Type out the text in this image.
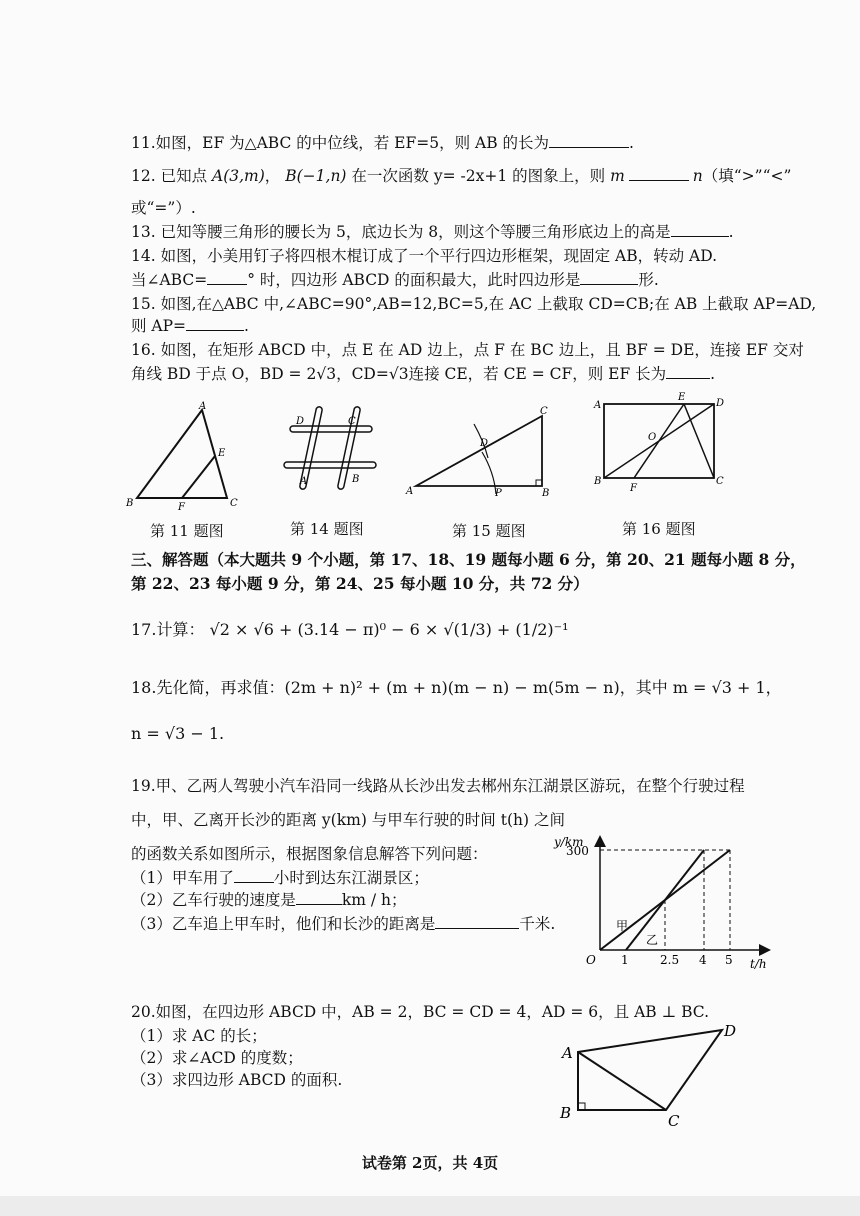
11.如图，EF 为△ABC 的中位线，若 EF=5，则 AB 的长为	.
12. 已知点 A(3,m)， B(−1,n) 在一次函数 y= -2x+1 的图象上，则 m	n（填“>”“<”
或“=”）.
13. 已知等腰三角形的腰长为 5，底边长为 8，则这个等腰三角形底边上的高是	.
14. 如图，小美用钉子将四根木棍订成了一个平行四边形框架，现固定 AB，转动 AD.
当∠ABC=	° 时，四边形 ABCD 的面积最大，此时四边形是	形.
15. 如图,在△ABC 中,∠ABC=90°,AB=12,BC=5,在 AC 上截取 CD=CB;在 AB 上截取 AP=AD,
则 AP=	.
16. 如图，在矩形 ABCD 中，点 E 在 AD 边上，点 F 在 BC 边上，且 BF = DE，连接 EF 交对
角线 BD 于点 O，BD = 2√3，CD=√3连接 CE，若 CE = CF，则 EF 长为	.
A
B	C
E
F
第 11 题图
D	C
A	B
第 14 题图
A	B
C
D
P
第 15 题图
A	D
B	C
E
F
O
第 16 题图
三、解答题（本大题共 9 个小题，第 17、18、19 题每小题 6 分，第 20、21 题每小题 8 分，
第 22、23 每小题 9 分，第 24、25 每小题 10 分，共 72 分）
17.计算： √2 × √6 + (3.14 − π)⁰ − 6 × √(1/3) + (1/2)⁻¹
18.先化简，再求值：(2m + n)² + (m + n)(m − n) − m(5m − n)，其中 m = √3 + 1，
n = √3 − 1.
19.甲、乙两人驾驶小汽车沿同一线路从长沙出发去郴州东江湖景区游玩，在整个行驶过程
中，甲、乙离开长沙的距离 y(km) 与甲车行驶的时间 t(h) 之间
的函数关系如图所示，根据图象信息解答下列问题：
（1）甲车用了	小时到达东江湖景区；
（2）乙车行驶的速度是	km / h；
（3）乙车追上甲车时，他们和长沙的距离是	千米.
1	2.5 4 5
300
y/km
t/h
O
甲
乙
20.如图，在四边形 ABCD 中，AB = 2，BC = CD = 4，AD = 6，且 AB ⊥ BC.
（1）求 AC 的长；
（2）求∠ACD 的度数；
（3）求四边形 ABCD 的面积.
A
B	C
D
试卷第 2页，共 4页
